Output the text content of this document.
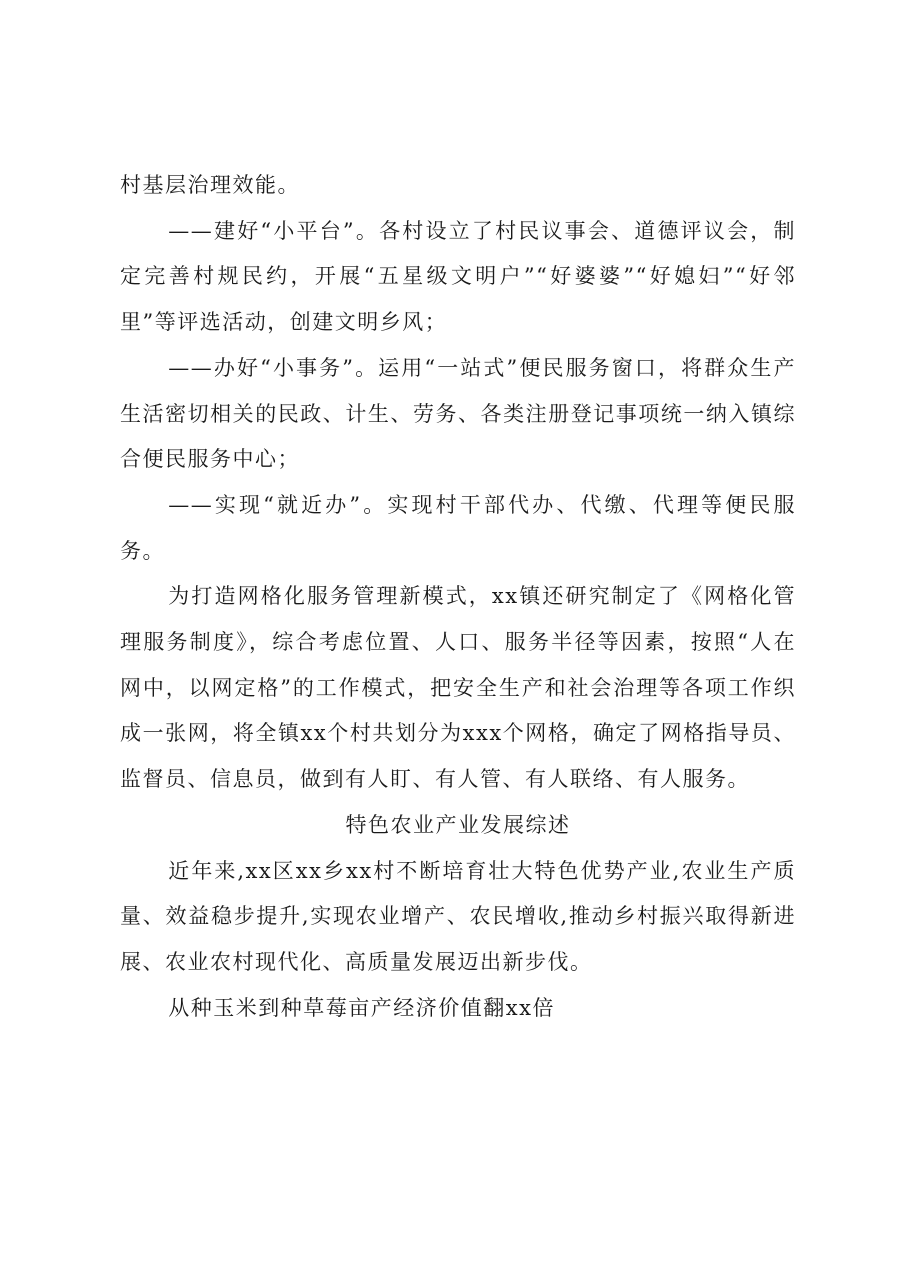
村基层治理效能。

——建好“小平台”。各村设立了村民议事会、道德评议会，制定完善村规民约，开展“五星级文明户”“好婆婆”“好媳妇”“好邻里”等评选活动，创建文明乡风；

——办好“小事务”。运用“一站式”便民服务窗口，将群众生产生活密切相关的民政、计生、劳务、各类注册登记事项统一纳入镇综合便民服务中心；

——实现“就近办”。实现村干部代办、代缴、代理等便民服务。

为打造网格化服务管理新模式，xx镇还研究制定了《网格化管理服务制度》，综合考虑位置、人口、服务半径等因素，按照“人在网中，以网定格”的工作模式，把安全生产和社会治理等各项工作织成一张网，将全镇xx个村共划分为xxx个网格，确定了网格指导员、监督员、信息员，做到有人盯、有人管、有人联络、有人服务。

特色农业产业发展综述

近年来,xx区xx乡xx村不断培育壮大特色优势产业,农业生产质量、效益稳步提升,实现农业增产、农民增收,推动乡村振兴取得新进展、农业农村现代化、高质量发展迈出新步伐。

从种玉米到种草莓亩产经济价值翻xx倍
